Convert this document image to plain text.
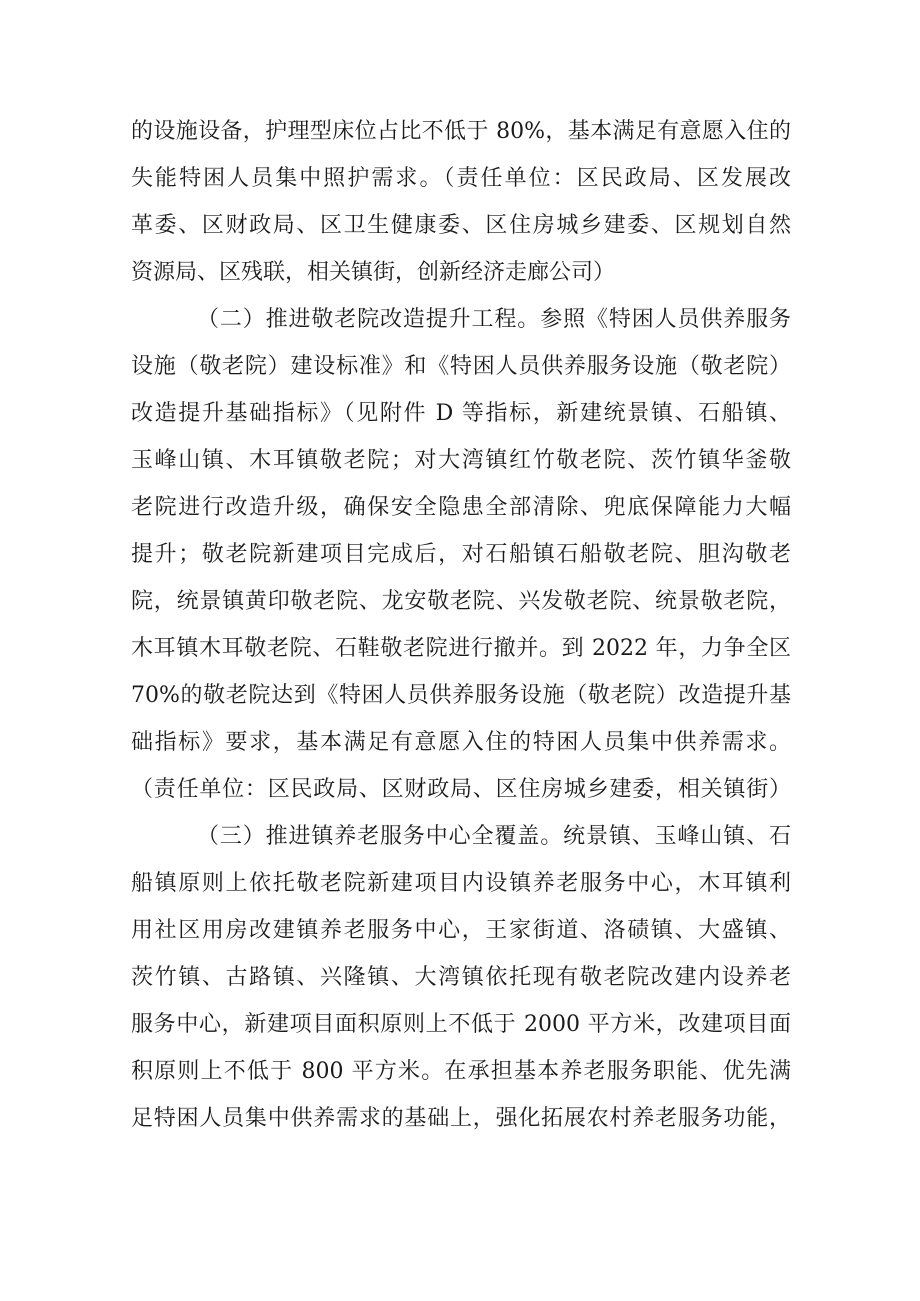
的设施设备，护理型床位占比不低于 80%，基本满足有意愿入住的
失能特困人员集中照护需求。（责任单位：区民政局、区发展改
革委、区财政局、区卫生健康委、区住房城乡建委、区规划自然
资源局、区残联，相关镇街，创新经济走廊公司）
（二）推进敬老院改造提升工程。参照《特困人员供养服务
设施（敬老院）建设标准》和《特困人员供养服务设施（敬老院）
改造提升基础指标》（见附件 D 等指标，新建统景镇、石船镇、
玉峰山镇、木耳镇敬老院；对大湾镇红竹敬老院、茨竹镇华釜敬
老院进行改造升级，确保安全隐患全部清除、兜底保障能力大幅
提升；敬老院新建项目完成后，对石船镇石船敬老院、胆沟敬老
院，统景镇黄印敬老院、龙安敬老院、兴发敬老院、统景敬老院，
木耳镇木耳敬老院、石鞋敬老院进行撤并。到 2022 年，力争全区
70%的敬老院达到《特困人员供养服务设施（敬老院）改造提升基
础指标》要求，基本满足有意愿入住的特困人员集中供养需求。
（责任单位：区民政局、区财政局、区住房城乡建委，相关镇街）
（三）推进镇养老服务中心全覆盖。统景镇、玉峰山镇、石
船镇原则上依托敬老院新建项目内设镇养老服务中心，木耳镇利
用社区用房改建镇养老服务中心，王家街道、洛碛镇、大盛镇、
茨竹镇、古路镇、兴隆镇、大湾镇依托现有敬老院改建内设养老
服务中心，新建项目面积原则上不低于 2000 平方米，改建项目面
积原则上不低于 800 平方米。在承担基本养老服务职能、优先满
足特困人员集中供养需求的基础上，强化拓展农村养老服务功能，
